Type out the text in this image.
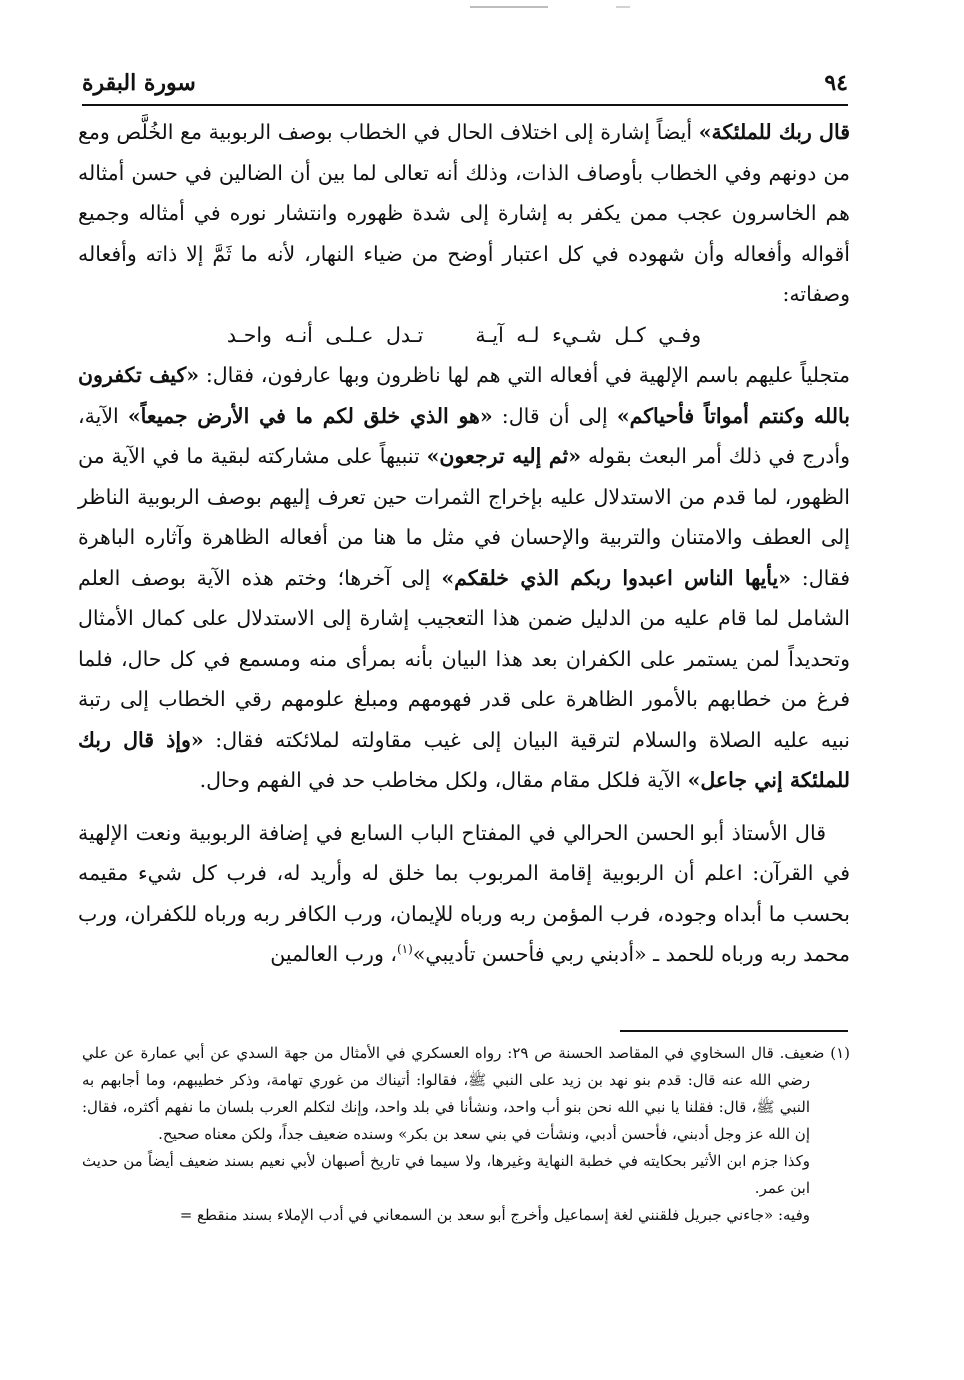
٩٤
سورة البقرة

قال ربك للملئكة» أيضاً إشارة إلى اختلاف الحال في الخطاب بوصف الربوبية مع الخُلَّص ومع من دونهم وفي الخطاب بأوصاف الذات، وذلك أنه تعالى لما بين أن الضالين في حسن أمثاله هم الخاسرون عجب ممن يكفر به إشارة إلى شدة ظهوره وانتشار نوره في أمثاله وجميع أقواله وأفعاله وأن شهوده في كل اعتبار أوضح من ضياء النهار، لأنه ما ثَمَّ إلا ذاته وأفعاله وصفاته:

وفـي كـل شـيء لـه آيـة
تـدل عـلـى أنـه واحـد

متجلياً عليهم باسم الإلهية في أفعاله التي هم لها ناظرون وبها عارفون، فقال: «كيف تكفرون بالله وكنتم أمواتاً فأحياكم» إلى أن قال: «هو الذي خلق لكم ما في الأرض جميعاً» الآية، وأدرج في ذلك أمر البعث بقوله «ثم إليه ترجعون» تنبيهاً على مشاركته لبقية ما في الآية من الظهور، لما قدم من الاستدلال عليه بإخراج الثمرات حين تعرف إليهم بوصف الربوبية الناظر إلى العطف والامتنان والتربية والإحسان في مثل ما هنا من أفعاله الظاهرة وآثاره الباهرة فقال: «يأيها الناس اعبدوا ربكم الذي خلقكم» إلى آخرها؛ وختم هذه الآية بوصف العلم الشامل لما قام عليه من الدليل ضمن هذا التعجيب إشارة إلى الاستدلال على كمال الأمثال وتحديداً لمن يستمر على الكفران بعد هذا البيان بأنه بمرأى منه ومسمع في كل حال، فلما فرغ من خطابهم بالأمور الظاهرة على قدر فهومهم ومبلغ علومهم رقي الخطاب إلى رتبة نبيه عليه الصلاة والسلام لترقية البيان إلى غيب مقاولته لملائكته فقال: «وإذ قال ربك للملئكة إني جاعل» الآية فلكل مقام مقال، ولكل مخاطب حد في الفهم وحال.

قال الأستاذ أبو الحسن الحرالي في المفتاح الباب السابع في إضافة الربوبية ونعت الإلهية في القرآن: اعلم أن الربوبية إقامة المربوب بما خلق له وأريد له، فرب كل شيء مقيمه بحسب ما أبداه وجوده، فرب المؤمن ربه ورباه للإيمان، ورب الكافر ربه ورباه للكفران، ورب محمد ربه ورباه للحمد ـ «أدبني ربي فأحسن تأديبي»$^{(١)}$، ورب العالمين

(١) ضعيف. قال السخاوي في المقاصد الحسنة ص ٢٩: رواه العسكري في الأمثال من جهة السدي عن أبي عمارة عن علي رضي الله عنه قال: قدم بنو نهد بن زيد على النبي ﷺ، فقالوا: أتيناك من غوري تهامة، وذكر خطيبهم، وما أجابهم به النبي ﷺ، قال: فقلنا يا نبي الله نحن بنو أب واحد، ونشأنا في بلد واحد، وإنك لتكلم العرب بلسان ما نفهم أكثره، فقال: إن الله عز وجل أدبني، فأحسن أدبي، ونشأت في بني سعد بن بكر» وسنده ضعيف جداً، ولكن معناه صحيح.

وكذا جزم ابن الأثير بحكايته في خطبة النهاية وغيرها، ولا سيما في تاريخ أصبهان لأبي نعيم بسند ضعيف أيضاً من حديث ابن عمر.

وفيه: «جاءني جبريل فلقنني لغة إسماعيل وأخرج أبو سعد بن السمعاني في أدب الإملاء بسند منقطع =
